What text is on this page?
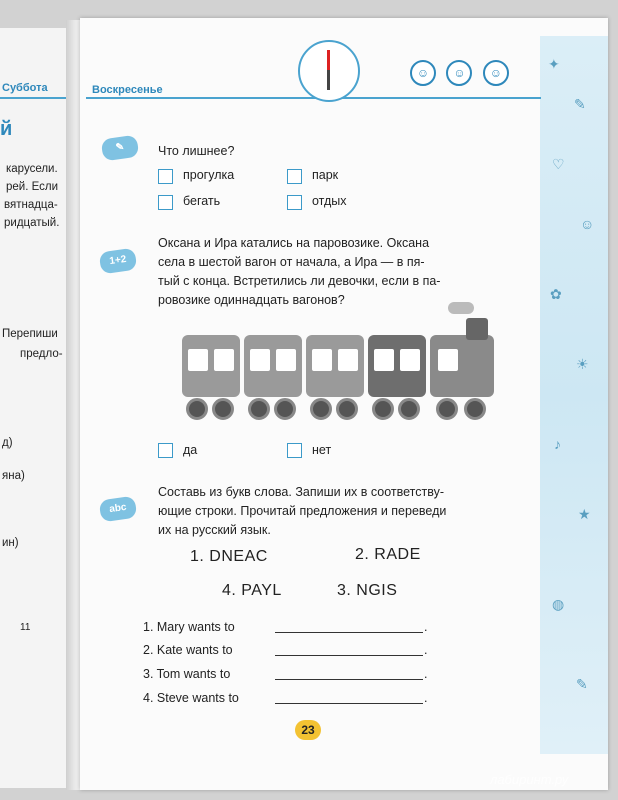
✦
✎
♡
☺
✿
☀
♪
★
◍
✎
Суббота	Воскресенье
☺ ☺ ☺
й
карусели.
рей. Если
вятнадца-
ридцатый.
Перепиши
предло-
д)
яна)
ин)
11
✎	Что лишнее?
прогулка	парк
бегать	отдых
1+2
Оксана и Ира катались на паровозике. Оксана
села в шестой вагон от начала, а Ира — в пя-
тый с конца. Встретились ли девочки, если в па-
ровозике одиннадцать вагонов?
да	нет
abc
Составь из букв слова. Запиши их в соответству-
ющие строки. Прочитай предложения и переведи
их на русский язык.
1. DNEAC	2. RADE
4. PAYL	3. NGIS
1. Mary wants to	.
2. Kate wants to	.
3. Tom wants to	.
4. Steve wants to	.
23
лабиринт.ру
